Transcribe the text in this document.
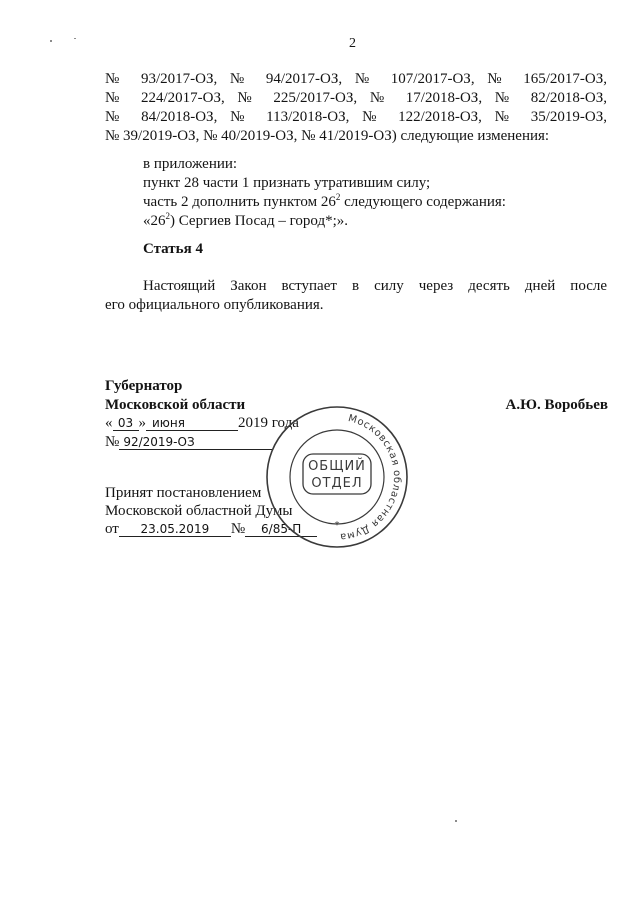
2
№ 93/2017-ОЗ, № 94/2017-ОЗ, № 107/2017-ОЗ, № 165/2017-ОЗ,
№ 224/2017-ОЗ, № 225/2017-ОЗ, № 17/2018-ОЗ, № 82/2018-ОЗ,
№ 84/2018-ОЗ, № 113/2018-ОЗ, № 122/2018-ОЗ, № 35/2019-ОЗ,
№ 39/2019-ОЗ, № 40/2019-ОЗ, № 41/2019-ОЗ) следующие изменения:
в приложении:
пункт 28 части 1 признать утратившим силу;
часть 2 дополнить пунктом $26^2$ следующего содержания:
«$26^2$) Сергиев Посад – город*;».
Статья 4
Настоящий Закон вступает в силу через десять дней после
его официального опубликования.
Губернатор
Московской области	А.Ю. Воробьев
« 03 » июня	2019 года
№ 92/2019-ОЗ
Принят постановлением
Московской областной Думы
от 23.05.2019 № 6/85-П
Московская областная Дума
ОБЩИЙ
ОТДЕЛ
*
